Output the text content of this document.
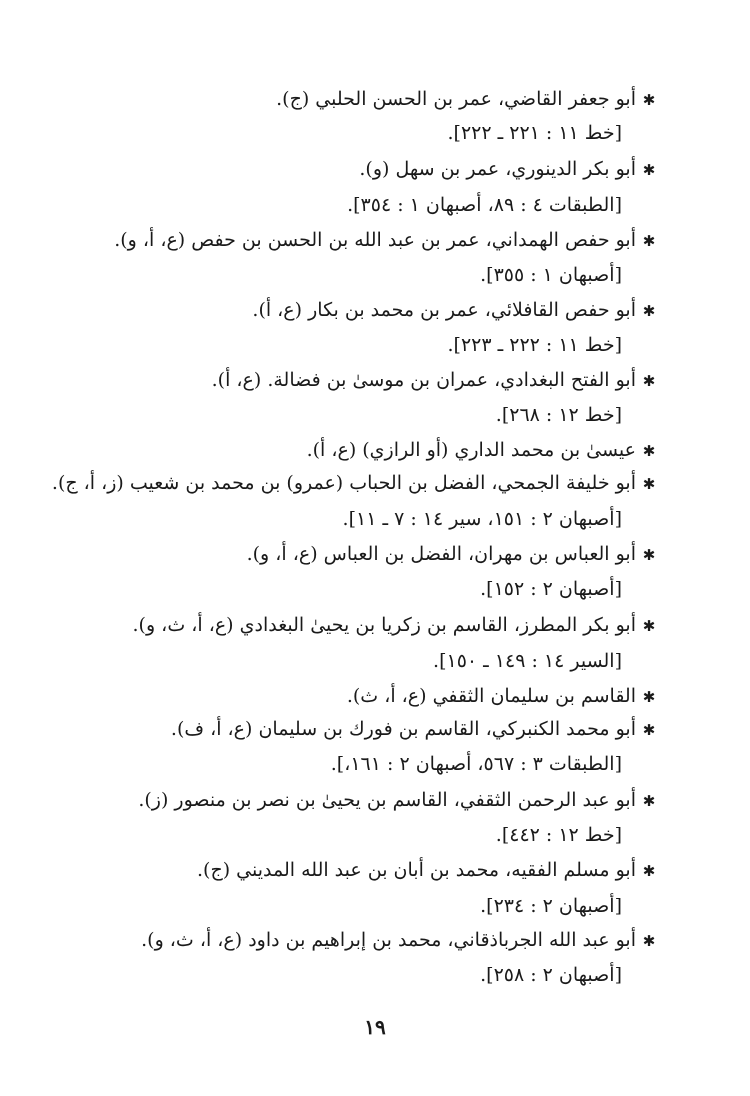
✱أبو جعفر القاضي، عمر بن الحسن الحلبي (ج).
[خط ١١ : ٢٢١ ـ ٢٢٢].
✱أبو بكر الدينوري، عمر بن سهل (و).
[الطبقات ٤ : ٨٩، أصبهان ١ : ٣٥٤].
✱أبو حفص الهمداني، عمر بن عبد الله بن الحسن بن حفص (ع، أ، و).
[أصبهان ١ : ٣٥٥].
✱أبو حفص القافلائي، عمر بن محمد بن بكار (ع، أ).
[خط ١١ : ٢٢٢ ـ ٢٢٣].
✱أبو الفتح البغدادي، عمران بن موسىٰ بن فضالة. (ع، أ).
[خط ١٢ : ٢٦٨].
✱عيسىٰ بن محمد الداري (أو الرازي) (ع، أ).
✱أبو خليفة الجمحي، الفضل بن الحباب (عمرو) بن محمد بن شعيب (ز، أ، ج).
[أصبهان ٢ : ١٥١، سير ١٤ : ٧ ـ ١١].
✱أبو العباس بن مهران، الفضل بن العباس (ع، أ، و).
[أصبهان ٢ : ١٥٢].
✱أبو بكر المطرز، القاسم بن زكريا بن يحيىٰ البغدادي (ع، أ، ث، و).
[السير ١٤ : ١٤٩ ـ ١٥٠].
✱القاسم بن سليمان الثقفي (ع، أ، ث).
✱أبو محمد الكنبركي، القاسم بن فورك بن سليمان (ع، أ، ف).
[الطبقات ٣ : ٥٦٧، أصبهان ٢ : ١٦١،].
✱أبو عبد الرحمن الثقفي، القاسم بن يحيىٰ بن نصر بن منصور (ز).
[خط ١٢ : ٤٤٢].
✱أبو مسلم الفقيه، محمد بن أبان بن عبد الله المديني (ج).
[أصبهان ٢ : ٢٣٤].
✱أبو عبد الله الجرباذقاني، محمد بن إبراهيم بن داود (ع، أ، ث، و).
[أصبهان ٢ : ٢٥٨].
١٩
